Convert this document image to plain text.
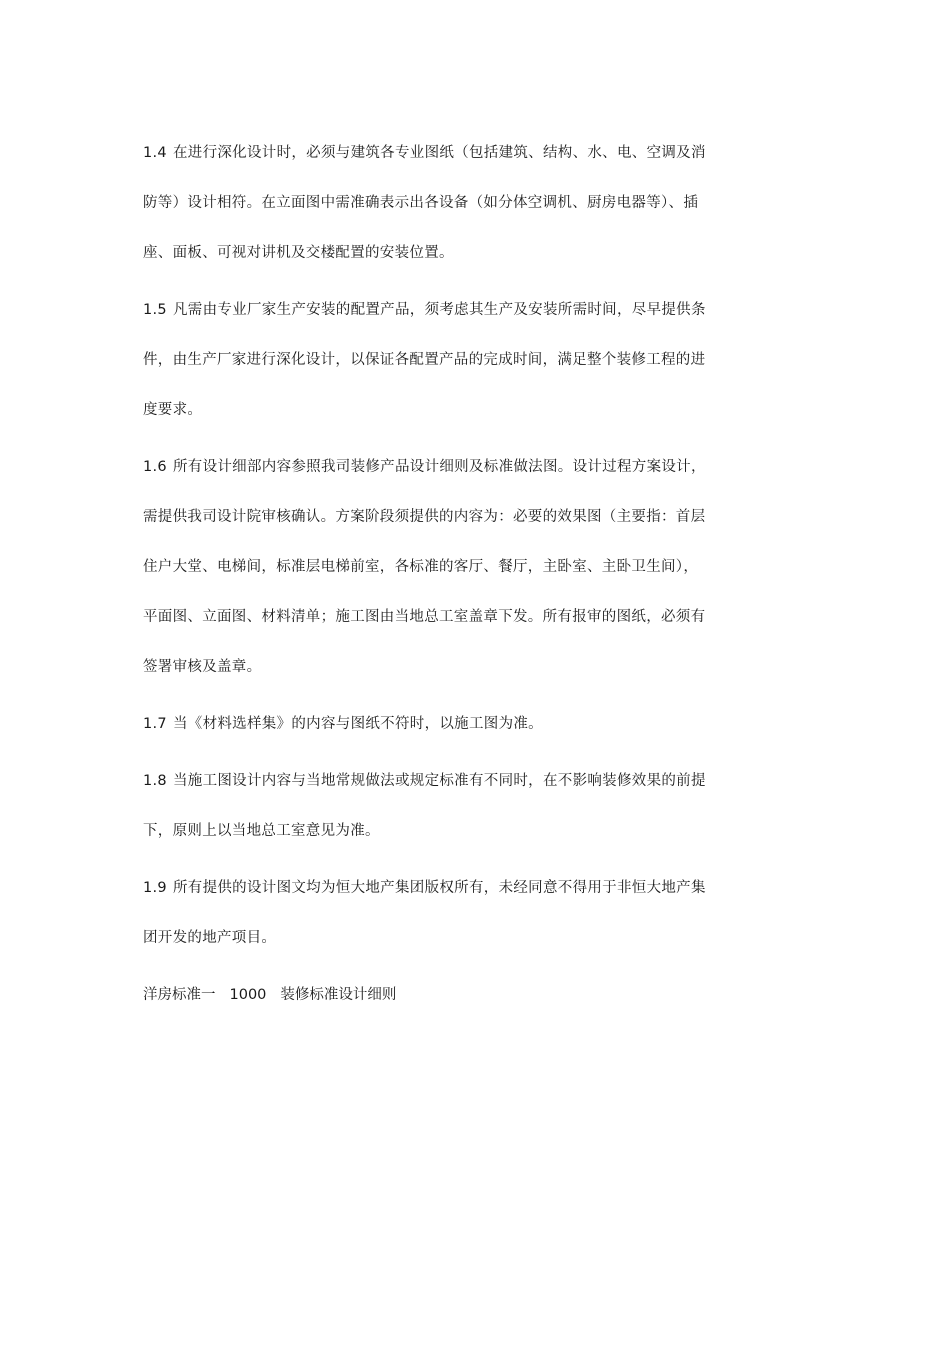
1.4 在进行深化设计时，必须与建筑各专业图纸（包括建筑、结构、水、电、空调及消
防等）设计相符。在立面图中需准确表示出各设备（如分体空调机、厨房电器等）、插
座、面板、可视对讲机及交楼配置的安装位置。

1.5 凡需由专业厂家生产安装的配置产品，须考虑其生产及安装所需时间，尽早提供条
件，由生产厂家进行深化设计，以保证各配置产品的完成时间，满足整个装修工程的进
度要求。

1.6 所有设计细部内容参照我司装修产品设计细则及标准做法图。设计过程方案设计，
需提供我司设计院审核确认。方案阶段须提供的内容为：必要的效果图（主要指：首层
住户大堂、电梯间，标准层电梯前室，各标准的客厅、餐厅，主卧室、主卧卫生间），
平面图、立面图、材料清单；施工图由当地总工室盖章下发。所有报审的图纸，必须有
签署审核及盖章。

1.7 当《材料选样集》的内容与图纸不符时，以施工图为准。

1.8 当施工图设计内容与当地常规做法或规定标准有不同时，在不影响装修效果的前提
下，原则上以当地总工室意见为准。

1.9 所有提供的设计图文均为恒大地产集团版权所有，未经同意不得用于非恒大地产集
团开发的地产项目。

洋房标准一 1000 装修标准设计细则
